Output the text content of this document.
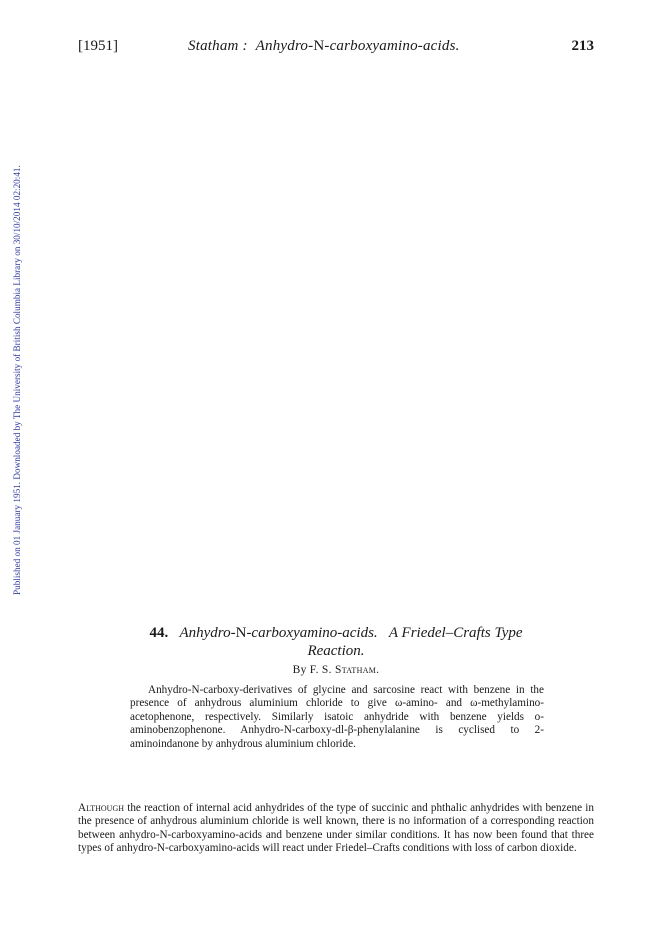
[1951]	Statham : Anhydro-N-carboxyamino-acids.	213
Published on 01 January 1951. Downloaded by The University of British Columbia Library on 30/10/2014 02:20:41.
44. Anhydro-N-carboxyamino-acids. A Friedel–Crafts Type
Reaction.
By F. S. Statham.
Anhydro-N-carboxy-derivatives of glycine and sarcosine react with benzene in the presence of anhydrous aluminium chloride to give ω-amino- and ω-methylamino-acetophenone, respectively. Similarly isatoic anhydride with benzene yields o-aminobenzophenone. Anhydro-N-carboxy-dl-β-phenylalanine is cyclised to 2-aminoindanone by anhydrous aluminium chloride.
Although the reaction of internal acid anhydrides of the type of succinic and phthalic anhydrides with benzene in the presence of anhydrous aluminium chloride is well known, there is no information of a corresponding reaction between anhydro-N-carboxyamino-acids and benzene under similar conditions. It has now been found that three types of anhydro-N-carboxyamino-acids will react under Friedel–Crafts conditions with loss of carbon dioxide.
